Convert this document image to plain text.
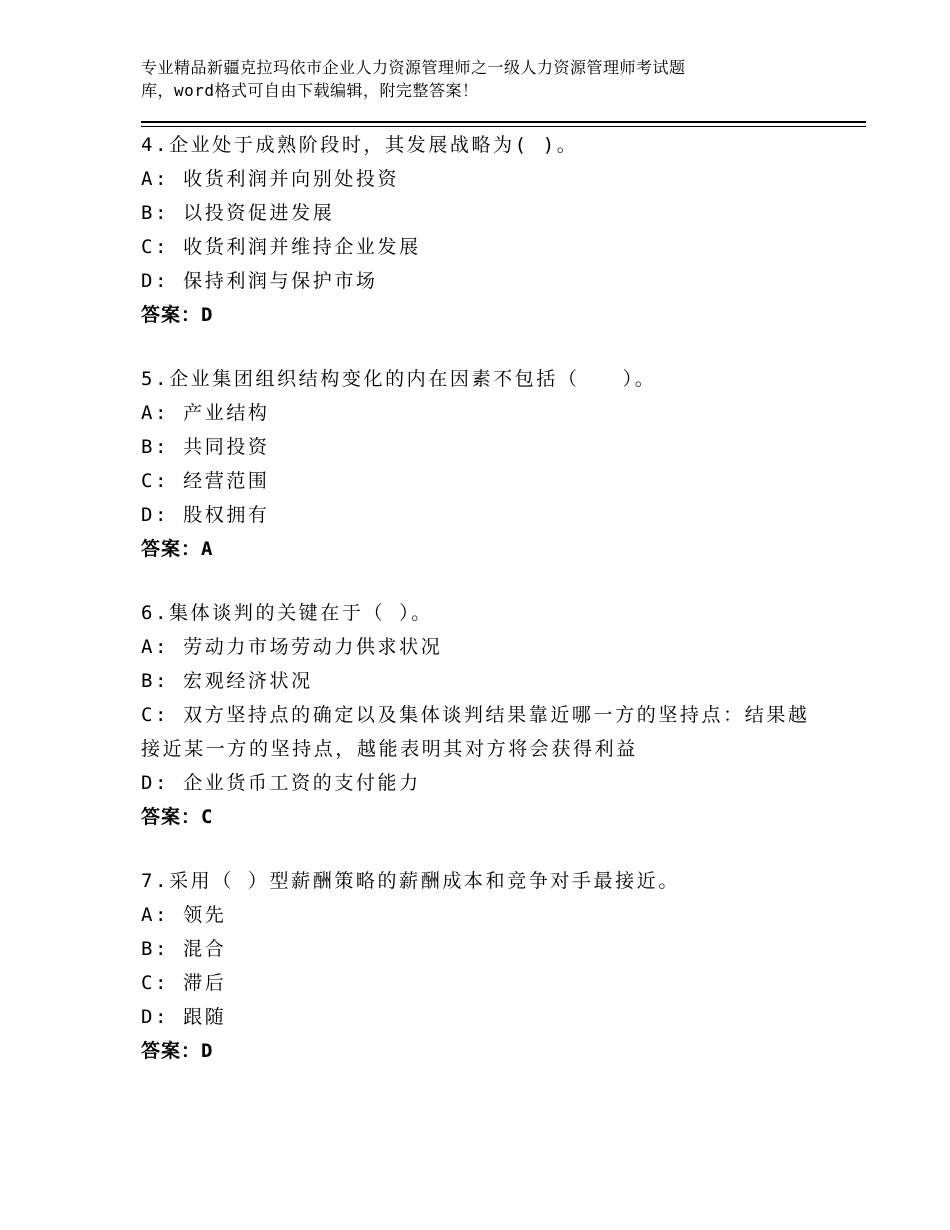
专业精品新疆克拉玛依市企业人力资源管理师之一级人力资源管理师考试题
库，word格式可自由下载编辑，附完整答案！
4.企业处于成熟阶段时，其发展战略为( )。
A: 收货利润并向别处投资
B: 以投资促进发展
C: 收货利润并维持企业发展
D: 保持利润与保护市场
答案：D
5.企业集团组织结构变化的内在因素不包括（　　）。
A: 产业结构
B: 共同投资
C: 经营范围
D: 股权拥有
答案：A
6.集体谈判的关键在于（ ）。
A: 劳动力市场劳动力供求状况
B: 宏观经济状况
C: 双方坚持点的确定以及集体谈判结果靠近哪一方的坚持点：结果越接近某一方的坚持点，越能表明其对方将会获得利益
D: 企业货币工资的支付能力
答案：C
7.采用（ ）型薪酬策略的薪酬成本和竞争对手最接近。
A: 领先
B: 混合
C: 滞后
D: 跟随
答案：D
